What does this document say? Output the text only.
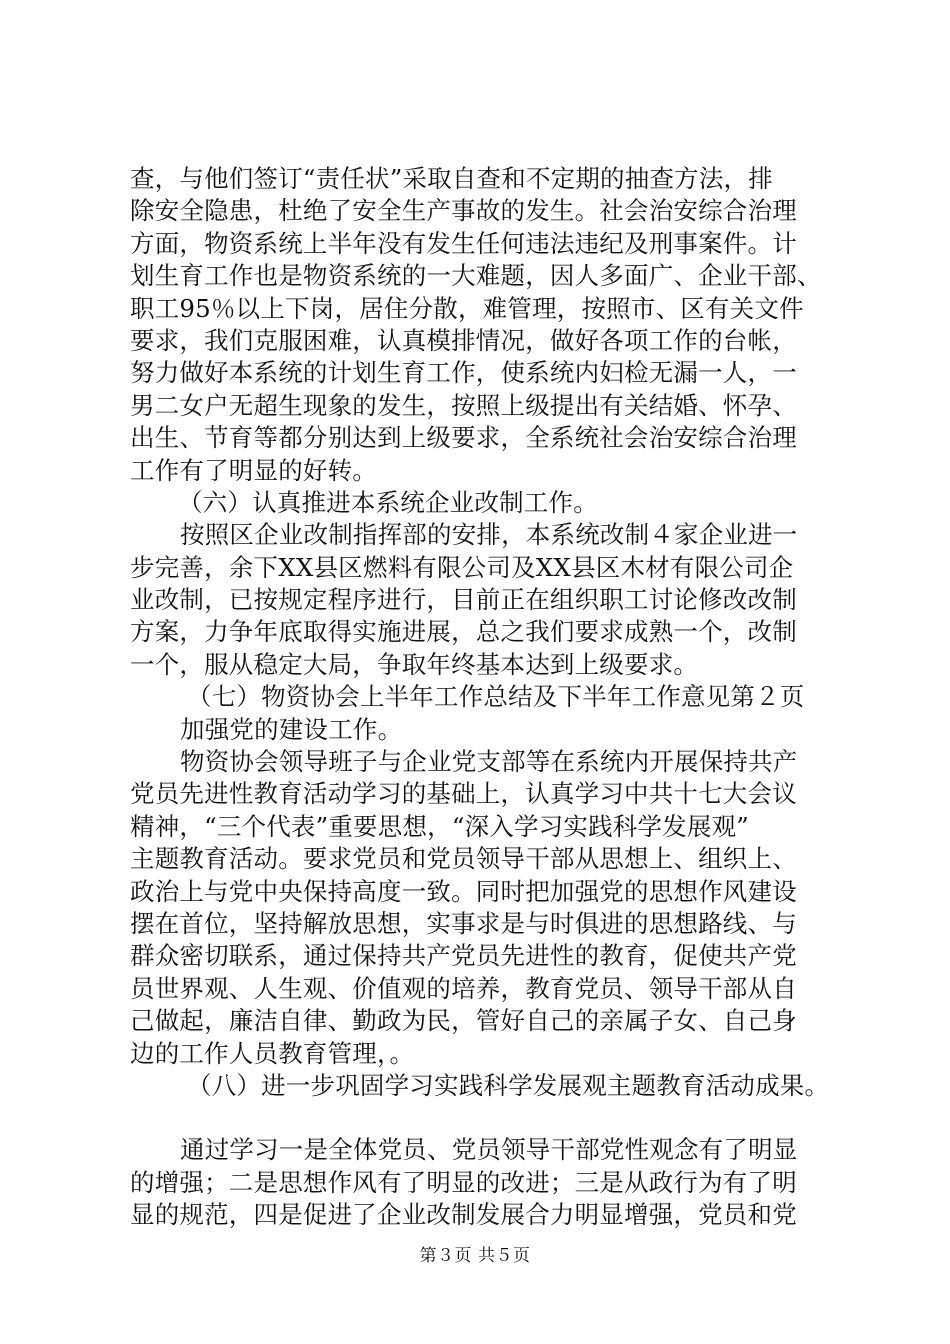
查，与他们签订“责任状”采取自查和不定期的抽查方法，排
除安全隐患，杜绝了安全生产事故的发生。社会治安综合治理
方面，物资系统上半年没有发生任何违法违纪及刑事案件。计
划生育工作也是物资系统的一大难题，因人多面广、企业干部、
职工95％以上下岗，居住分散，难管理，按照市、区有关文件
要求，我们克服困难，认真模排情况，做好各项工作的台帐，
努力做好本系统的计划生育工作，使系统内妇检无漏一人，一
男二女户无超生现象的发生，按照上级提出有关结婚、怀孕、
出生、节育等都分别达到上级要求，全系统社会治安综合治理
工作有了明显的好转。
（六）认真推进本系统企业改制工作。
按照区企业改制指挥部的安排，本系统改制４家企业进一
步完善，余下XX县区燃料有限公司及XX县区木材有限公司企
业改制，已按规定程序进行，目前正在组织职工讨论修改改制
方案，力争年底取得实施进展，总之我们要求成熟一个，改制
一个，服从稳定大局，争取年终基本达到上级要求。
（七）物资协会上半年工作总结及下半年工作意见第２页
加强党的建设工作。
物资协会领导班子与企业党支部等在系统内开展保持共产
党员先进性教育活动学习的基础上，认真学习中共十七大会议
精神，“三个代表”重要思想，“深入学习实践科学发展观”
主题教育活动。要求党员和党员领导干部从思想上、组织上、
政治上与党中央保持高度一致。同时把加强党的思想作风建设
摆在首位，坚持解放思想，实事求是与时俱进的思想路线、与
群众密切联系，通过保持共产党员先进性的教育，促使共产党
员世界观、人生观、价值观的培养，教育党员、领导干部从自
己做起，廉洁自律、勤政为民，管好自己的亲属子女、自己身
边的工作人员教育管理，。
（八）进一步巩固学习实践科学发展观主题教育活动成果。
通过学习一是全体党员、党员领导干部党性观念有了明显
的增强；二是思想作风有了明显的改进；三是从政行为有了明
显的规范，四是促进了企业改制发展合力明显增强，党员和党
第３页 共５页
